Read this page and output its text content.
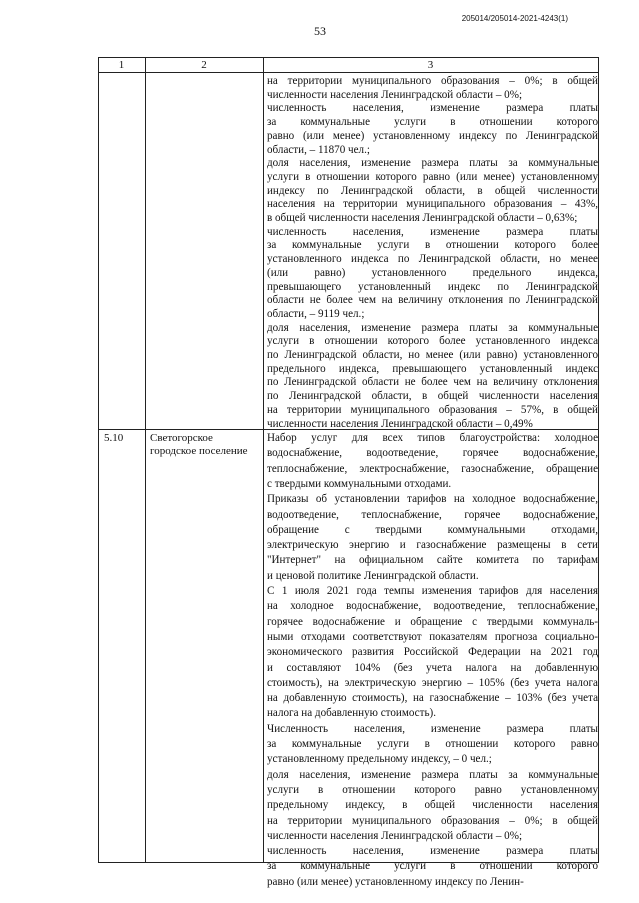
53
205014/205014-2021-4243(1)
1	2	3
5.10 Светогорское
городское поселение
на территории муниципального образования – 0%; в общей
численности населения Ленинградской области – 0%;
численность населения, изменение размера платы
за коммунальные услуги в отношении которого
равно (или менее) установленному индексу по Ленинградской
области, – 11870 чел.;
доля населения, изменение размера платы за коммунальные
услуги в отношении которого равно (или менее) установленному
индексу по Ленинградской области, в общей численности
населения на территории муниципального образования – 43%,
в общей численности населения Ленинградской области – 0,63%;
численность населения, изменение размера платы
за коммунальные услуги в отношении которого более
установленного индекса по Ленинградской области, но менее
(или равно) установленного предельного индекса,
превышающего установленный индекс по Ленинградской
области не более чем на величину отклонения по Ленинградской
области, – 9119 чел.;
доля населения, изменение размера платы за коммунальные
услуги в отношении которого более установленного индекса
по Ленинградской области, но менее (или равно) установленного
предельного индекса, превышающего установленный индекс
по Ленинградской области не более чем на величину отклонения
по Ленинградской области, в общей численности населения
на территории муниципального образования – 57%, в общей
численности населения Ленинградской области – 0,49%
Набор услуг для всех типов благоустройства: холодное
водоснабжение, водоотведение, горячее водоснабжение,
теплоснабжение, электроснабжение, газоснабжение, обращение
с твердыми коммунальными отходами.
Приказы об установлении тарифов на холодное водоснабжение,
водоотведение, теплоснабжение, горячее водоснабжение,
обращение с твердыми коммунальными отходами,
электрическую энергию и газоснабжение размещены в сети
"Интернет" на официальном сайте комитета по тарифам
и ценовой политике Ленинградской области.
С 1 июля 2021 года темпы изменения тарифов для населения
на холодное водоснабжение, водоотведение, теплоснабжение,
горячее водоснабжение и обращение с твердыми коммуналь-
ными отходами соответствуют показателям прогноза социально-
экономического развития Российской Федерации на 2021 год
и составляют 104% (без учета налога на добавленную
стоимость), на электрическую энергию – 105% (без учета налога
на добавленную стоимость), на газоснабжение – 103% (без учета
налога на добавленную стоимость).
Численность населения, изменение размера платы
за коммунальные услуги в отношении которого равно
установленному предельному индексу, – 0 чел.;
доля населения, изменение размера платы за коммунальные
услуги в отношении которого равно установленному
предельному индексу, в общей численности населения
на территории муниципального образования – 0%; в общей
численности населения Ленинградской области – 0%;
численность населения, изменение размера платы
за коммунальные услуги в отношении которого
равно (или менее) установленному индексу по Ленин-
